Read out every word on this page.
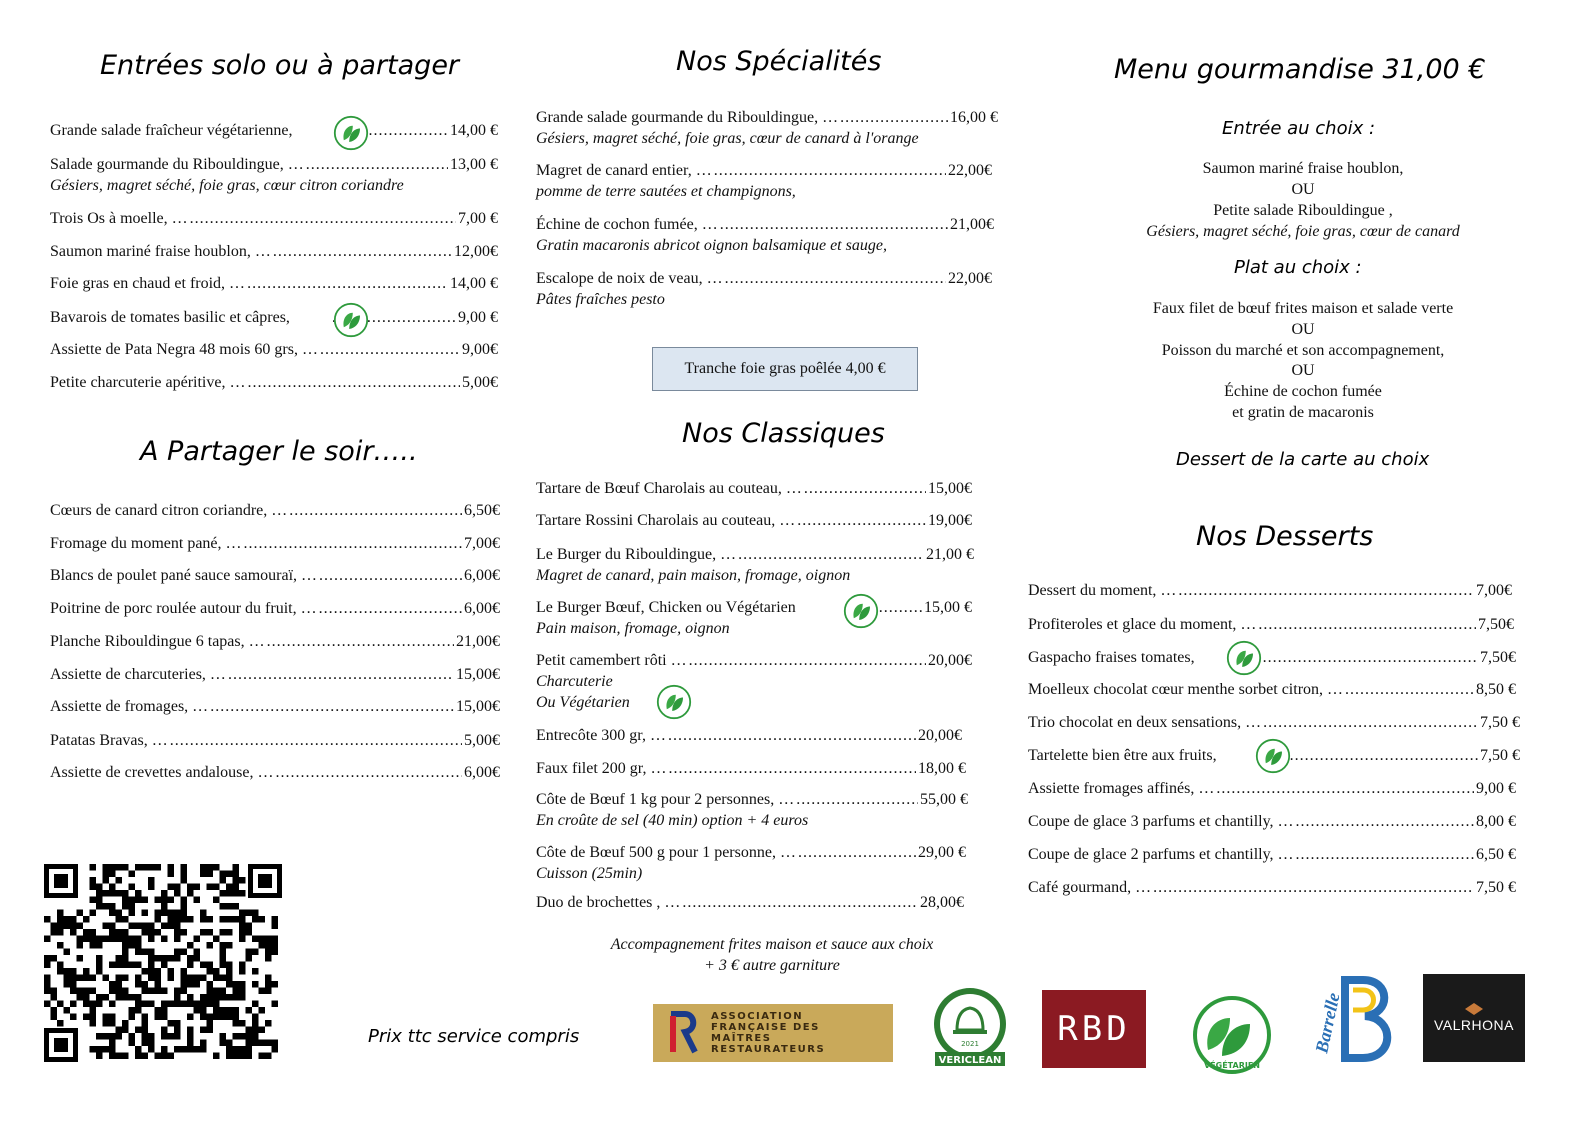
Entrées solo ou à partager
Grande salade fraîcheur végétarienne, .....	14,00 €
Salade gourmande du Ribouldingue, … .....	13,00 €
Gésiers, magret séché, foie gras, cœur citron coriandre
Trois Os à moelle, … .....	7,00 €
Saumon mariné fraise houblon, … .....	12,00€
Foie gras en chaud et froid, … .....	14,00 €
Bavarois de tomates basilic et câpres, .....	9,00 €
Assiette de Pata Negra 48 mois 60 grs, … .....	9,00€
Petite charcuterie apéritive, … .....	5,00€
A Partager le soir…..
Cœurs de canard citron coriandre, … .....	6,50€
Fromage du moment pané, … .....	7,00€
Blancs de poulet pané sauce samouraï, … .....	6,00€
Poitrine de porc roulée autour du fruit, … .....	6,00€
Planche Ribouldingue 6 tapas, … .....	21,00€
Assiette de charcuteries, … .....	15,00€
Assiette de fromages, … .....	15,00€
Patatas Bravas, … .....	5,00€
Assiette de crevettes andalouse, … .....	6,00€
Prix ttc service compris
Nos Spécialités
Grande salade gourmande du Ribouldingue, … .....	16,00 €
Gésiers, magret séché, foie gras, cœur de canard à l'orange
Magret de canard entier, … .....	22,00€
pomme de terre sautées et champignons,
Échine de cochon fumée, … .....	21,00€
Gratin macaronis abricot oignon balsamique et sauge,
Escalope de noix de veau, … .....	22,00€
Pâtes fraîches pesto
Tranche foie gras poêlée 4,00 €
Nos Classiques
Tartare de Bœuf Charolais au couteau, … .....	15,00€
Tartare Rossini Charolais au couteau, … .....	19,00€
Le Burger du Ribouldingue, … .....	21,00 €
Magret de canard, pain maison, fromage, oignon
Le Burger Bœuf, Chicken ou Végétarien .....	15,00 €
Pain maison, fromage, oignon
Petit camembert rôti … .....	20,00€
Charcuterie
Ou Végétarien
Entrecôte 300 gr, … .....	20,00€
Faux filet 200 gr, … .....	18,00 €
Côte de Bœuf 1 kg pour 2 personnes, … .....	55,00 €
En croûte de sel (40 min) option + 4 euros
Côte de Bœuf 500 g pour 1 personne, … .....	29,00 €
Cuisson (25min)
Duo de brochettes , … .....	28,00€
Accompagnement frites maison et sauce aux choix
+ 3 € autre garniture
Menu gourmandise 31,00 €
Entrée au choix :
Saumon mariné fraise houblon,
OU
Petite salade Ribouldingue ,
Gésiers, magret séché, foie gras, cœur de canard
Plat au choix :
Faux filet de bœuf frites maison et salade verte
OU
Poisson du marché et son accompagnement,
OU
Échine de cochon fumée
et gratin de macaronis
Dessert de la carte au choix
Nos Desserts
Dessert du moment, … .....	7,00€
Profiteroles et glace du moment, … .....	7,50€
Gaspacho fraises tomates, .....	7,50€
Moelleux chocolat cœur menthe sorbet citron, … .....	8,50 €
Trio chocolat en deux sensations, … .....	7,50 €
Tartelette bien être aux fruits, .....	7,50 €
Assiette fromages affinés, … .....	9,00 €
Coupe de glace 3 parfums et chantilly, … .....	8,00 €
Coupe de glace 2 parfums et chantilly, … .....	6,50 €
Café gourmand, … .....	7,50 €
ASSOCIATION FRANÇAISE DES MAÎTRES RESTAURATEURS	2021
VERICLEAN
RBD
VÉGÉTARIEN
Barrelle	VALRHONA
